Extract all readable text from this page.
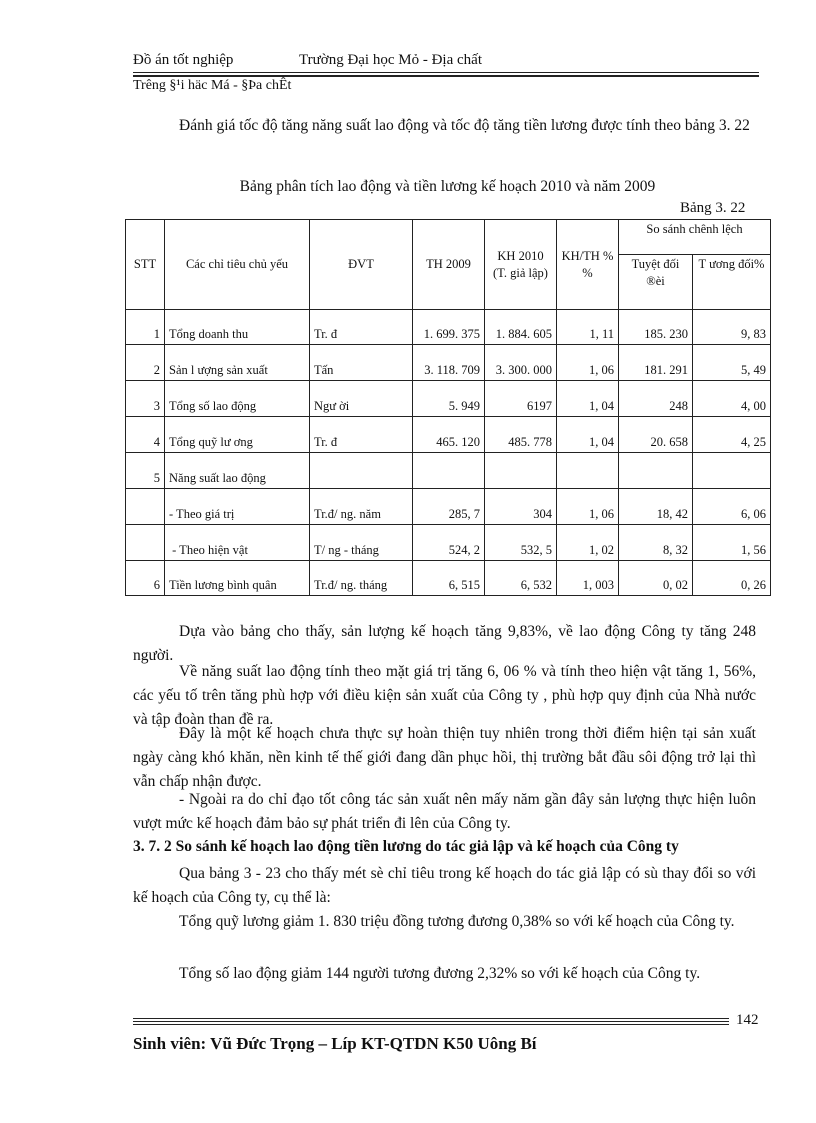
Đồ án tốt nghiệp	Trường Đại học Mỏ - Địa chất
Trêng §¹i häc Má - §Þa chÊt
Đánh giá tốc độ tăng năng suất lao động và tốc độ tăng tiền lương được tính theo bảng 3. 22
Bảng phân tích lao động và tiền lương kế hoạch 2010 và năm 2009
Bảng 3. 22
STT	Các chỉ tiêu chủ yếu	ĐVT	TH 2009	KH 2010 (T. giả lập)	KH/TH % %	So sánh chênh lệch	
						Tuyệt đối ®èi	T ương đối%
1	Tổng doanh thu	Tr. đ	1. 699. 375	1. 884. 605	1, 11	185. 230	9, 83
2	Sản l ượng sản xuất	Tấn	3. 118. 709	3. 300. 000	1, 06	181. 291	5, 49
3	Tổng số lao động	Ngư ời	5. 949	6197	1, 04	248	4, 00
4	Tổng quỹ lư ơng	Tr. đ	465. 120	485. 778	1, 04	20. 658	4, 25
5	Năng suất lao động						
	- Theo giá trị	Tr.đ/ ng. năm	285, 7	304	1, 06	18, 42	6, 06
	- Theo hiện vật	T/ ng - tháng	524, 2	532, 5	1, 02	8, 32	1, 56
6	Tiền lương bình quân	Tr.đ/ ng. tháng	6, 515	6, 532	1, 003	0, 02	0, 26
Dựa vào bảng cho thấy, sản lượng kế hoạch tăng 9,83%, về lao động Công ty tăng 248 người.
Về năng suất lao động tính theo mặt giá trị tăng 6, 06 % và tính theo hiện vật tăng 1, 56%, các yếu tố trên tăng phù hợp với điều kiện sản xuất của Công ty , phù hợp quy định của Nhà nước và tập đoàn than đề ra.
Đây là một kế hoạch chưa thực sự hoàn thiện tuy nhiên trong thời điểm hiện tại sản xuất ngày càng khó khăn, nền kinh tế thế giới đang dần phục hồi, thị trường bắt đầu sôi động trở lại thì vẫn chấp nhận được.
- Ngoài ra do chỉ đạo tốt công tác sản xuất nên mấy năm gần đây sản lượng thực hiện luôn vượt mức kế hoạch đảm bảo sự phát triển đi lên của Công ty.
3. 7. 2 So sánh kế hoạch lao động tiền lương do tác giả lập và kế hoạch của Công ty
Qua bảng 3 - 23 cho thấy mét sè chỉ tiêu trong kế hoạch do tác giả lập có sù thay đổi so với kế hoạch của Công ty, cụ thể là:
Tổng quỹ lương giảm 1. 830 triệu đồng tương đương 0,38% so với kế hoạch của Công ty.
Tổng số lao động giảm 144 người tương đương 2,32% so với kế hoạch của Công ty.
142
Sinh viên: Vũ Đức Trọng – Líp KT-QTDN K50 Uông Bí
